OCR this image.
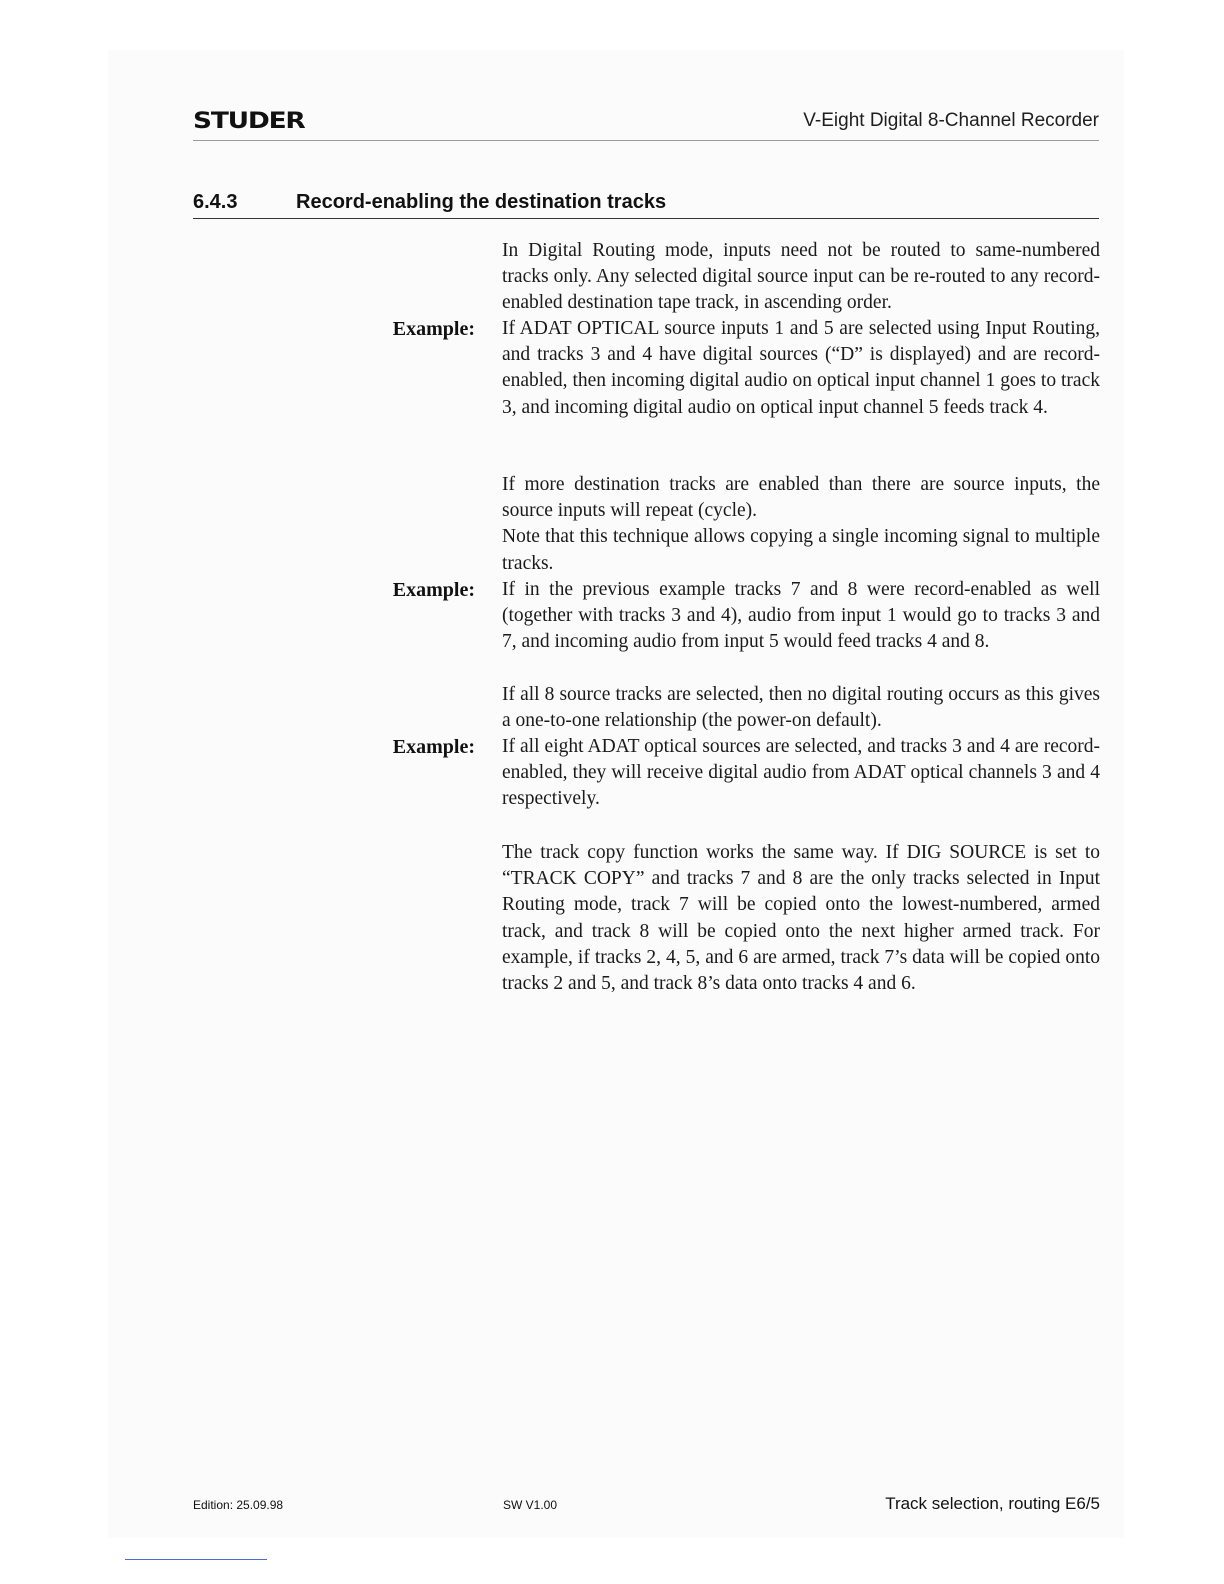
STUDER	V-Eight Digital 8-Channel Recorder
6.4.3	Record-enabling the destination tracks

In Digital Routing mode, inputs need not be routed to same-numbered tracks only. Any selected digital source input can be re-routed to any record-enabled destination tape track, in ascending order.

Example: If ADAT OPTICAL source inputs 1 and 5 are selected using Input Routing, and tracks 3 and 4 have digital sources (“D” is displayed) and are record-enabled, then incoming digital audio on optical input channel 1 goes to track 3, and incoming digital audio on optical input channel 5 feeds track 4.

If more destination tracks are enabled than there are source inputs, the source inputs will repeat (cycle).

Note that this technique allows copying a single incoming signal to multiple tracks.

Example: If in the previous example tracks 7 and 8 were record-enabled as well (together with tracks 3 and 4), audio from input 1 would go to tracks 3 and 7, and incoming audio from input 5 would feed tracks 4 and 8.

If all 8 source tracks are selected, then no digital routing occurs as this gives a one-to-one relationship (the power-on default).

Example: If all eight ADAT optical sources are selected, and tracks 3 and 4 are record-enabled, they will receive digital audio from ADAT optical channels 3 and 4 respectively.

The track copy function works the same way. If DIG SOURCE is set to “TRACK COPY” and tracks 7 and 8 are the only tracks selected in Input Routing mode, track 7 will be copied onto the lowest-numbered, armed track, and track 8 will be copied onto the next higher armed track. For example, if tracks 2, 4, 5, and 6 are armed, track 7’s data will be copied onto tracks 2 and 5, and track 8’s data onto tracks 4 and 6.

Edition: 25.09.98	SW V1.00	Track selection, routing E6/5
